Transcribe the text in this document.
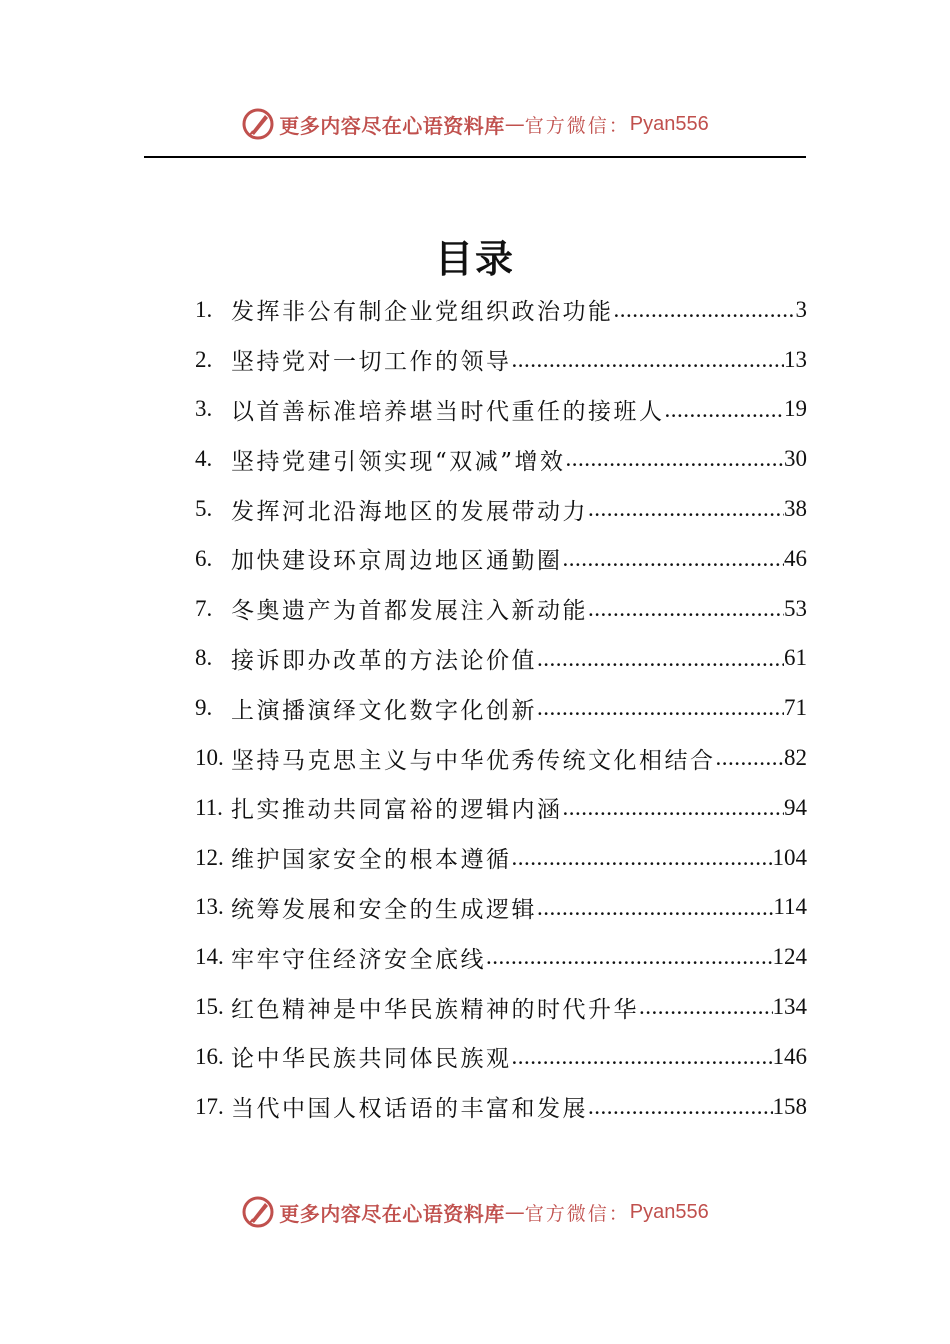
更多内容尽在心语资料库 — 官方微信： Pyan556
目录
1. 发挥非公有制企业党组织政治功能 .....	3
2. 坚持党对一切工作的领导 .....	13
3. 以首善标准培养堪当时代重任的接班人 .....	19
4. 坚持党建引领实现“双减”增效 .....	30
5. 发挥河北沿海地区的发展带动力 .....	38
6. 加快建设环京周边地区通勤圈 .....	46
7. 冬奥遗产为首都发展注入新动能 .....	53
8. 接诉即办改革的方法论价值 .....	61
9. 上演播演绎文化数字化创新 .....	71
10. 坚持马克思主义与中华优秀传统文化相结合 .....	82
11. 扎实推动共同富裕的逻辑内涵 .....	94
12. 维护国家安全的根本遵循 .....	104
13. 统筹发展和安全的生成逻辑 .....	114
14. 牢牢守住经济安全底线 .....	124
15. 红色精神是中华民族精神的时代升华 .....	134
16. 论中华民族共同体民族观 .....	146
17. 当代中国人权话语的丰富和发展 .....	158
更多内容尽在心语资料库 — 官方微信： Pyan556
